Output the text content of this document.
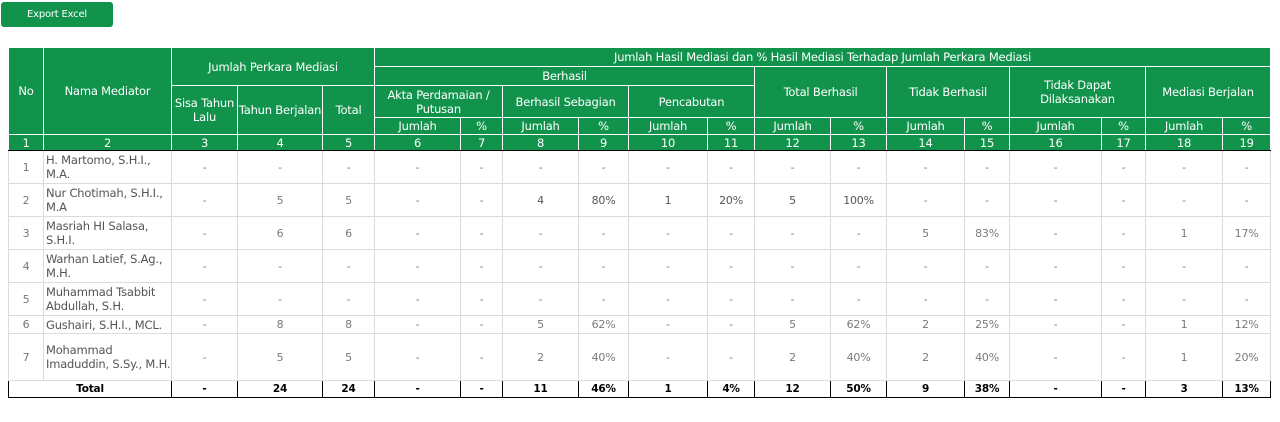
Export Excel
No	Nama Mediator	Jumlah Perkara Mediasi			Jumlah Hasil Mediasi dan % Hasil Mediasi Terhadap Jumlah Perkara Mediasi													
					Berhasil						Total Berhasil		Tidak Berhasil		Tidak Dapat Dilaksanakan		Mediasi Berjalan	
		Sisa Tahun Lalu	Tahun Berjalan	Total	Akta Perdamaian / Putusan		Berhasil Sebagian		Pencabutan									
					Jumlah	%	Jumlah	%	Jumlah	%	Jumlah	%	Jumlah	%	Jumlah	%	Jumlah	%
1	2	3	4	5	6	7	8	9	10	11	12	13	14	15	16	17	18	19
1	H. Martomo, S.H.I., M.A.	-	-	-	-	-	-	-	-	-	-	-	-	-	-	-	-	-
2	Nur Chotimah, S.H.I., M.A	-	5	5	-	-	4	80%	1	20%	5	100%	-	-	-	-	-	-
3	Masriah HI Salasa, S.H.I.	-	6	6	-	-	-	-	-	-	-	-	5	83%	-	-	1	17%
4	Warhan Latief, S.Ag., M.H.	-	-	-	-	-	-	-	-	-	-	-	-	-	-	-	-	-
5	Muhammad Tsabbit Abdullah, S.H.	-	-	-	-	-	-	-	-	-	-	-	-	-	-	-	-	-
6	Gushairi, S.H.I., MCL.	-	8	8	-	-	5	62%	-	-	5	62%	2	25%	-	-	1	12%
7	Mohammad Imaduddin, S.Sy., M.H.	-	5	5	-	-	2	40%	-	-	2	40%	2	40%	-	-	1	20%
Total		-	24	24	-	-	11	46%	1	4%	12	50%	9	38%	-	-	3	13%
